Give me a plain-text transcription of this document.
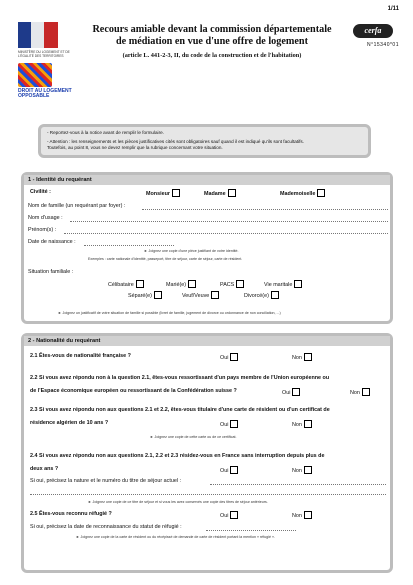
1/11
MINISTÈRE DU LOGEMENT ET DE L'ÉGALITÉ DES TERRITOIRES
DROIT AU LOGEMENT OPPOSABLE
Recours amiable devant la commission départementale
de médiation en vue d'une offre de logement
(article L. 441-2-3, II, du code de la construction et de l'habitation)
cerfa
N°15340*01

- Reportez-vous à la notice avant de remplir le formulaire.

- Attention : les renseignements et les pièces justificatives cités sont obligatoires sauf quand il est indiqué qu'ils sont facultatifs.

Toutefois, au point 8, vous ne devez remplir que la rubrique concernant votre situation.

1 - Identité du requérant
Civilité :	Monsieur	Madame	Mademoiselle
Nom de famille (un requérant par foyer) :
Nom d'usage :
Prénom(s) :
Date de naissance :
► Joignez une copie d'une pièce justifiant de votre identité.
Exemples : carte nationale d'identité, passeport, titre de séjour, carte de séjour, carte de résident.
Situation familiale :
Célibataire	Marié(e)	PACS	Vie maritale
Séparé(e)	Veuf/Veuve	Divorcé(e)
► Joignez un justificatif de votre situation de famille si possible (livret de famille, jugement de divorce ou ordonnance de non conciliation, ...)
2 - Nationalité du requérant
2.1 Êtes-vous de nationalité française ?	Oui	Non
2.2 Si vous avez répondu non à la question 2.1, êtes-vous ressortissant d'un pays membre de l'Union européenne ou
de l'Espace économique européen ou ressortissant de la Confédération suisse ?	Oui	Non
2.3 Si vous avez répondu non aux questions 2.1 et 2.2, êtes-vous titulaire d'une carte de résident ou d'un certificat de
résidence algérien de 10 ans ?	Oui	Non
► Joignez une copie de cette carte ou de ce certificat.
2.4 Si vous avez répondu non aux questions 2.1, 2.2 et 2.3 résidez-vous en France sans interruption depuis plus de
deux ans ?	Oui	Non
Si oui, précisez la nature et le numéro du titre de séjour actuel :
► Joignez une copie de ce titre de séjour et si vous les avez conservés une copie des titres de séjour antérieurs.
2.5 Êtes-vous reconnu réfugié ?	Oui	Non
Si oui, précisez la date de reconnaissance du statut de réfugié :
► Joignez une copie de la carte de résident ou du récépissé de demande de carte de résident portant la mention « réfugié ».
